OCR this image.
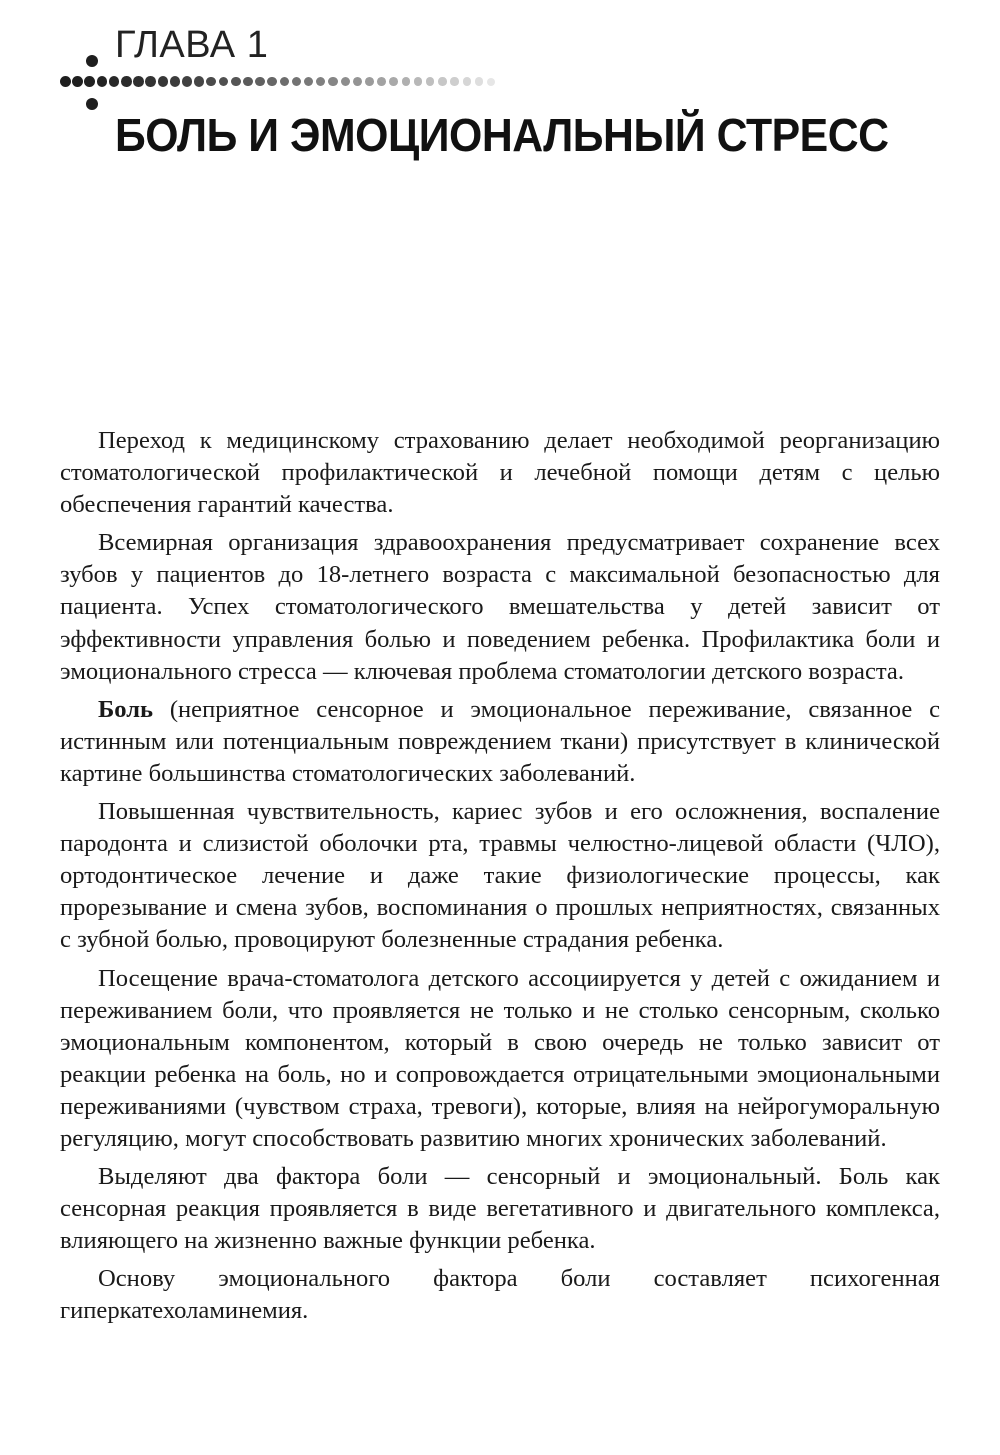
ГЛАВА 1
БОЛЬ И ЭМОЦИОНАЛЬНЫЙ СТРЕСС

Переход к медицинскому страхованию делает необходимой реорганизацию стоматологической профилактической и лечебной помощи детям с целью обеспечения гарантий качества.

Всемирная организация здравоохранения предусматривает сохранение всех зубов у пациентов до 18-летнего возраста с максимальной безопасностью для пациента. Успех стоматологического вмешательства у детей зависит от эффективности управления болью и поведением ребенка. Профилактика боли и эмоционального стресса — ключевая проблема стоматологии детского возраста.

Боль (неприятное сенсорное и эмоциональное переживание, связанное с истинным или потенциальным повреждением ткани) присутствует в клинической картине большинства стоматологических заболеваний.

Повышенная чувствительность, кариес зубов и его осложнения, воспаление пародонта и слизистой оболочки рта, травмы челюстно-лицевой области (ЧЛО), ортодонтическое лечение и даже такие физиологические процессы, как прорезывание и смена зубов, воспоминания о прошлых неприятностях, связанных с зубной болью, провоцируют болезненные страдания ребенка.

Посещение врача-стоматолога детского ассоциируется у детей с ожиданием и переживанием боли, что проявляется не только и не столько сенсорным, сколько эмоциональным компонентом, который в свою очередь не только зависит от реакции ребенка на боль, но и сопровождается отрицательными эмоциональными переживаниями (чувством страха, тревоги), которые, влияя на нейрогуморальную регуляцию, могут способствовать развитию многих хронических заболеваний.

Выделяют два фактора боли — сенсорный и эмоциональный. Боль как сенсорная реакция проявляется в виде вегетативного и двигательного комплекса, влияющего на жизненно важные функции ребенка.

Основу эмоционального фактора боли составляет психогенная гиперкатехоламинемия.
